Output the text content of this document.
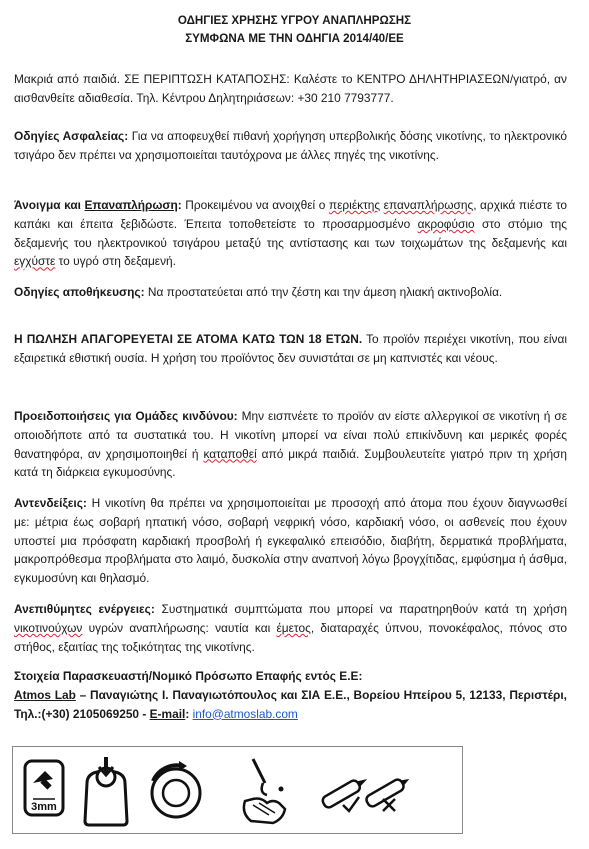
ΟΔΗΓΙΕΣ ΧΡΗΣΗΣ ΥΓΡΟΥ ΑΝΑΠΛΗΡΩΣΗΣ
ΣΥΜΦΩΝΑ ΜΕ ΤΗΝ ΟΔΗΓΙΑ 2014/40/ΕΕ
Μακριά από παιδιά. ΣΕ ΠΕΡΙΠΤΩΣΗ ΚΑΤΑΠΟΣΗΣ: Καλέστε το ΚΕΝΤΡΟ ΔΗΛΗΤΗΡΙΑΣΕΩΝ/γιατρό, αν αισθανθείτε αδιαθεσία. Τηλ. Κέντρου Δηλητηριάσεων: +30 210 7793777.
Οδηγίες Ασφαλείας: Για να αποφευχθεί πιθανή χορήγηση υπερβολικής δόσης νικοτίνης, το ηλεκτρονικό τσιγάρο δεν πρέπει να χρησιμοποιείται ταυτόχρονα με άλλες πηγές της νικοτίνης.
Άνοιγμα και Επαναπλήρωση: Προκειμένου να ανοιχθεί ο περιέκτης επαναπλήρωσης, αρχικά πιέστε το καπάκι και έπειτα ξεβιδώστε. Έπειτα τοποθετείστε το προσαρμοσμένο ακροφύσιο στο στόμιο της δεξαμενής του ηλεκτρονικού τσιγάρου μεταξύ της αντίστασης και των τοιχωμάτων της δεξαμενής και εγχύστε το υγρό στη δεξαμενή.
Οδηγίες αποθήκευσης: Να προστατεύεται από την ζέστη και την άμεση ηλιακή ακτινοβολία.
Η ΠΩΛΗΣΗ ΑΠΑΓΟΡΕΥΕΤΑΙ ΣΕ ΑΤΟΜΑ ΚΑΤΩ ΤΩΝ 18 ΕΤΩΝ. Το προϊόν περιέχει νικοτίνη, που είναι εξαιρετικά εθιστική ουσία. Η χρήση του προϊόντος δεν συνιστάται σε μη καπνιστές και νέους.
Προειδοποιήσεις για Ομάδες κινδύνου: Μην εισπνέετε το προϊόν αν είστε αλλεργικοί σε νικοτίνη ή σε οποιοδήποτε από τα συστατικά του. Η νικοτίνη μπορεί να είναι πολύ επικίνδυνη και μερικές φορές θανατηφόρα, αν χρησιμοποιηθεί ή καταποθεί από μικρά παιδιά. Συμβουλευτείτε γιατρό πριν τη χρήση κατά τη διάρκεια εγκυμοσύνης.
Αντενδείξεις: Η νικοτίνη θα πρέπει να χρησιμοποιείται με προσοχή από άτομα που έχουν διαγνωσθεί με: μέτρια έως σοβαρή ηπατική νόσο, σοβαρή νεφρική νόσο, καρδιακή νόσο, οι ασθενείς που έχουν υποστεί μια πρόσφατη καρδιακή προσβολή ή εγκεφαλικό επεισόδιο, διαβήτη, δερματικά προβλήματα, μακροπρόθεσμα προβλήματα στο λαιμό, δυσκολία στην αναπνοή λόγω βρογχίτιδας, εμφύσημα ή άσθμα, εγκυμοσύνη και θηλασμό.
Ανεπιθύμητες ενέργειες: Συστηματικά συμπτώματα που μπορεί να παρατηρηθούν κατά τη χρήση νικοτινούχων υγρών αναπλήρωσης: ναυτία και έμετος, διαταραχές ύπνου, πονοκέφαλος, πόνος στο στήθος, εξαιτίας της τοξικότητας της νικοτίνης.
Στοιχεία Παρασκευαστή/Νομικό Πρόσωπο Επαφής εντός Ε.Ε:
Atmos Lab – Παναγιώτης Ι. Παναγιωτόπουλος και ΣΙΑ Ε.Ε., Βορείου Ηπείρου 5, 12133, Περιστέρι, Τηλ.:(+30) 2105069250 - E-mail: info@atmoslab.com
3mm
